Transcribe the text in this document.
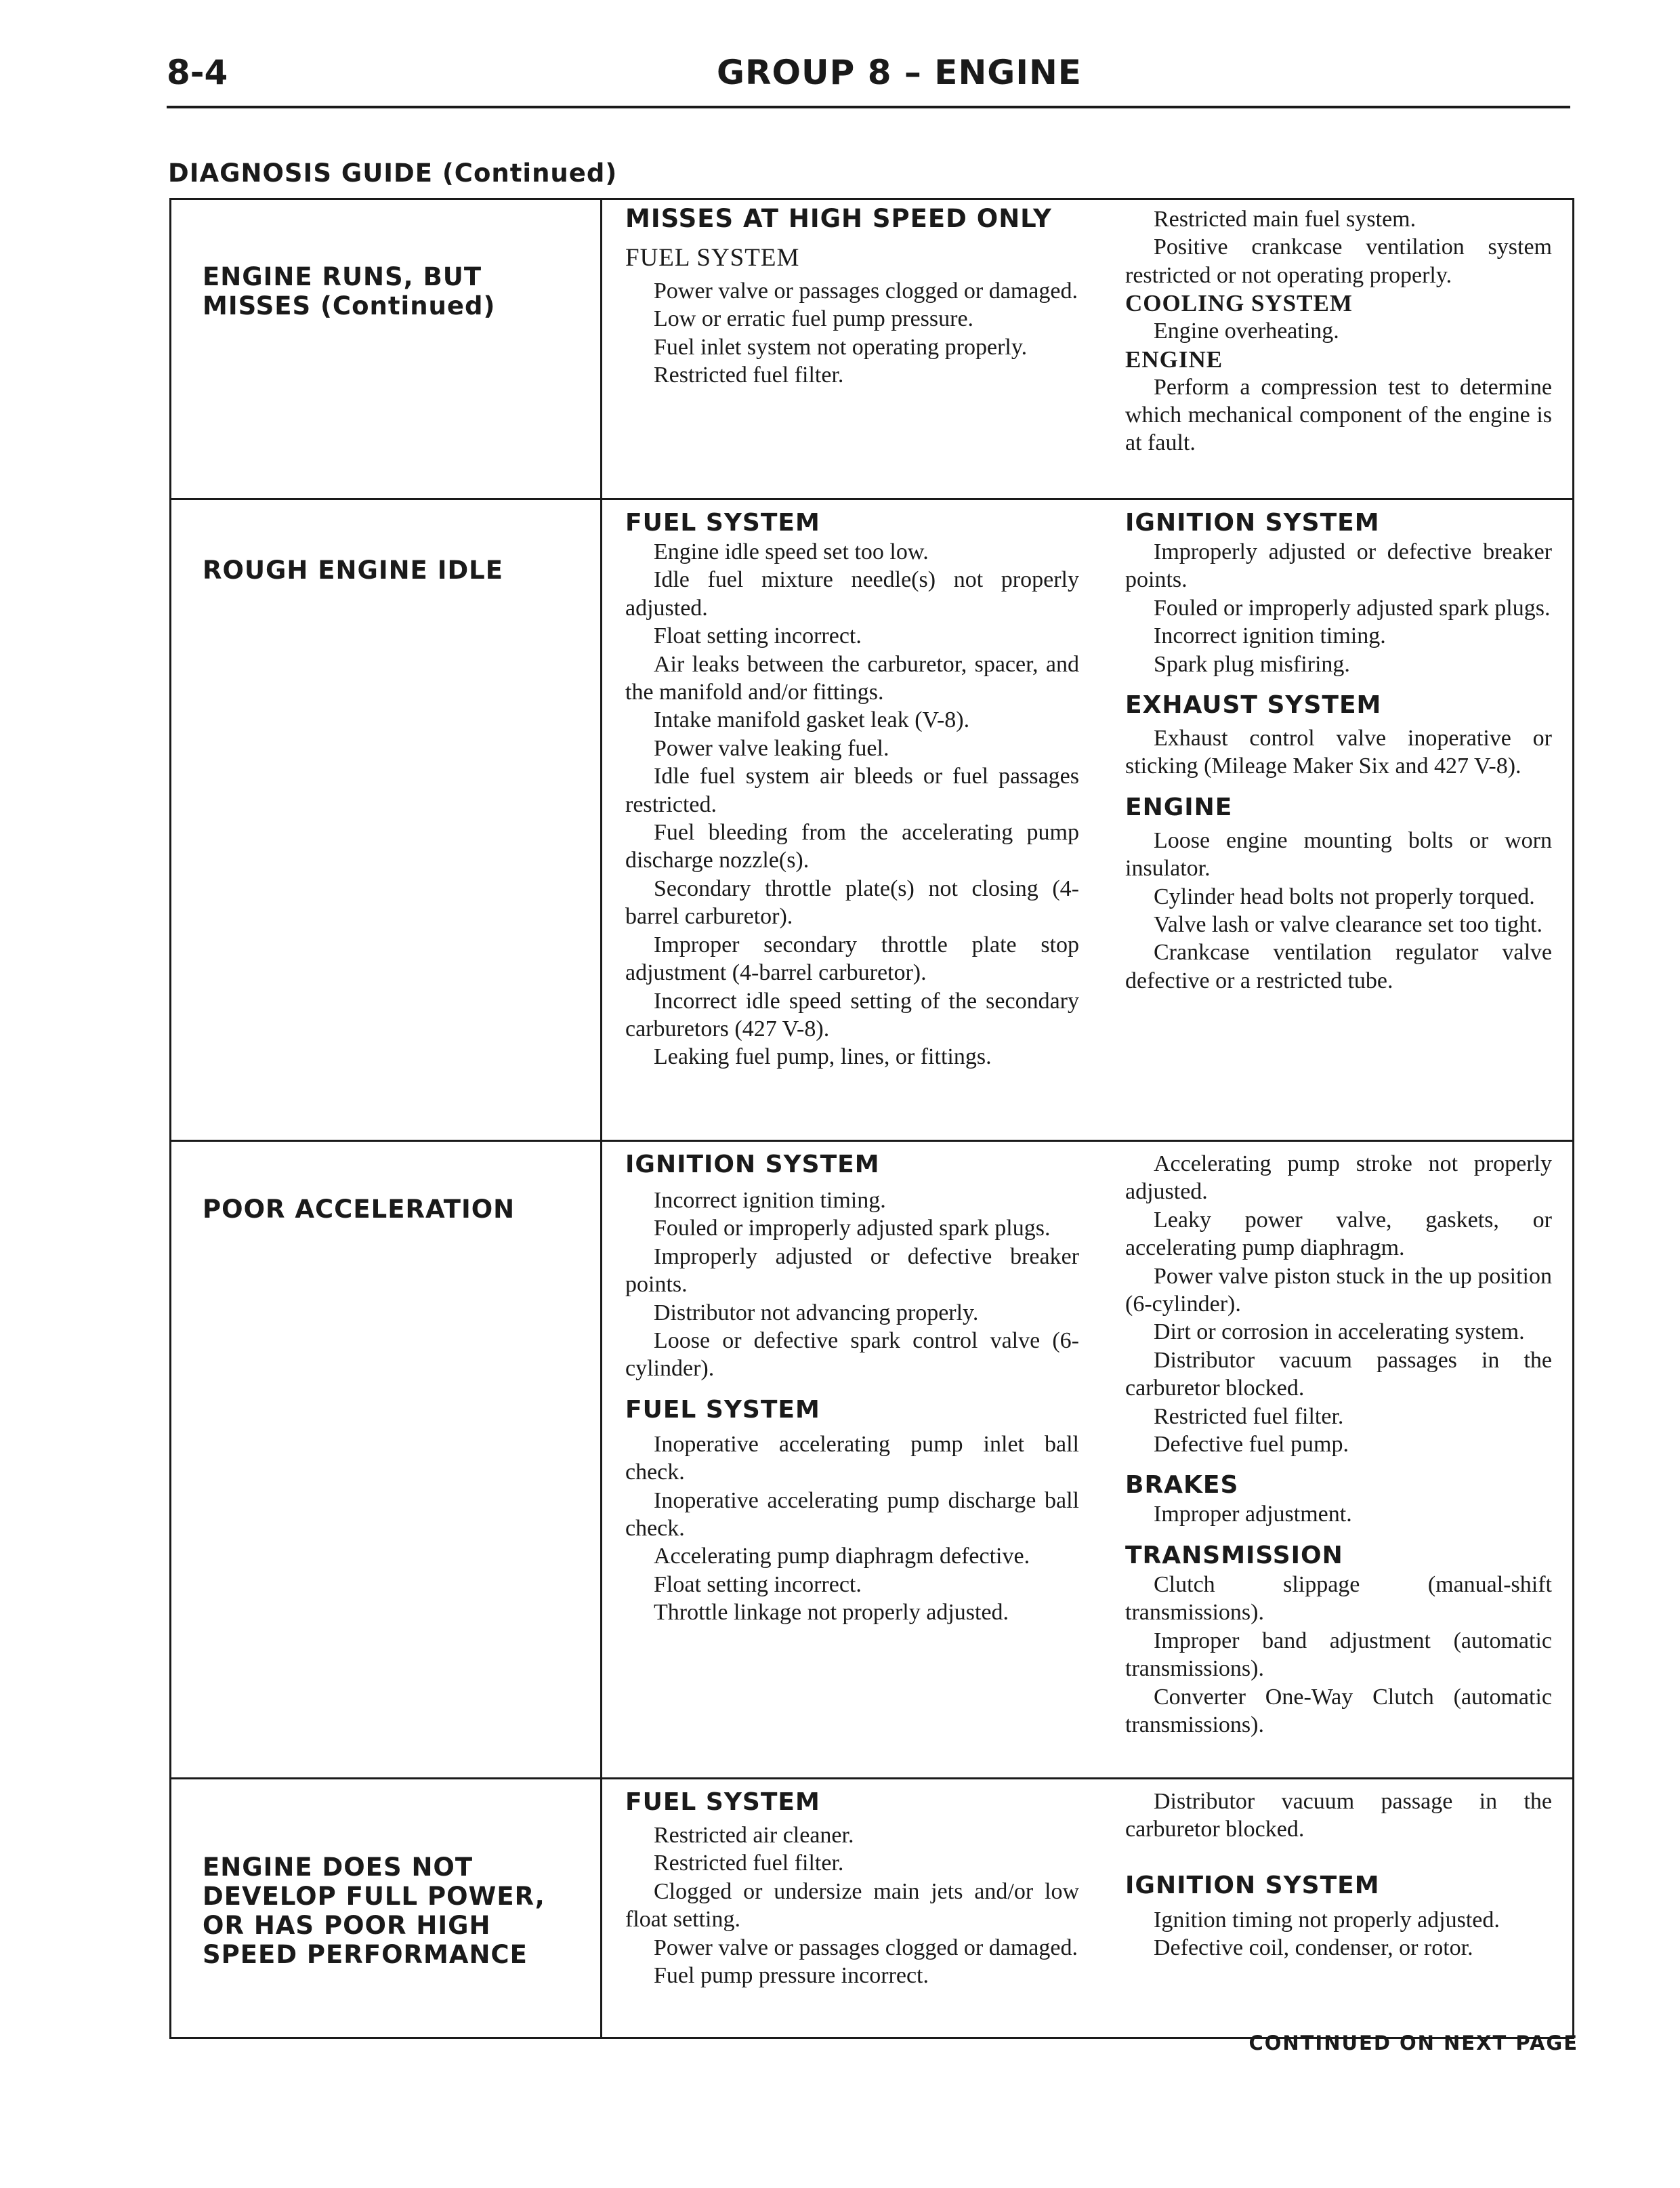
8-4	GROUP 8 – ENGINE
DIAGNOSIS GUIDE (Continued)
ENGINE RUNS, BUT
MISSES (Continued)
MISSES AT HIGH SPEED ONLY
FUEL SYSTEM
Power valve or passages clogged or damaged.
Low or erratic fuel pump pressure.
Fuel inlet system not operating properly.
Restricted fuel filter.
Restricted main fuel system.
Positive crankcase ventilation system restricted or not operating properly.
COOLING SYSTEM
Engine overheating.
ENGINE
Perform a compression test to determine which mechanical component of the engine is at fault.
ROUGH ENGINE IDLE
FUEL SYSTEM
Engine idle speed set too low.
Idle fuel mixture needle(s) not properly adjusted.
Float setting incorrect.
Air leaks between the carburetor, spacer, and the manifold and/or fittings.
Intake manifold gasket leak (V-8).
Power valve leaking fuel.
Idle fuel system air bleeds or fuel passages restricted.
Fuel bleeding from the accelerating pump discharge nozzle(s).
Secondary throttle plate(s) not closing (4-barrel carburetor).
Improper secondary throttle plate stop adjustment (4-barrel carburetor).
Incorrect idle speed setting of the secondary carburetors (427 V-8).
Leaking fuel pump, lines, or fittings.
IGNITION SYSTEM
Improperly adjusted or defective breaker points.
Fouled or improperly adjusted spark plugs.
Incorrect ignition timing.
Spark plug misfiring.
EXHAUST SYSTEM
Exhaust control valve inoperative or sticking (Mileage Maker Six and 427 V-8).
ENGINE
Loose engine mounting bolts or worn insulator.
Cylinder head bolts not properly torqued.
Valve lash or valve clearance set too tight.
Crankcase ventilation regulator valve defective or a restricted tube.
POOR ACCELERATION
IGNITION SYSTEM
Incorrect ignition timing.
Fouled or improperly adjusted spark plugs.
Improperly adjusted or defective breaker points.
Distributor not advancing properly.
Loose or defective spark control valve (6-cylinder).
FUEL SYSTEM
Inoperative accelerating pump inlet ball check.
Inoperative accelerating pump discharge ball check.
Accelerating pump diaphragm defective.
Float setting incorrect.
Throttle linkage not properly adjusted.
Accelerating pump stroke not properly adjusted.
Leaky power valve, gaskets, or accelerating pump diaphragm.
Power valve piston stuck in the up position (6-cylinder).
Dirt or corrosion in accelerating system.
Distributor vacuum passages in the carburetor blocked.
Restricted fuel filter.
Defective fuel pump.
BRAKES
Improper adjustment.
TRANSMISSION
Clutch slippage (manual-shift transmissions).
Improper band adjustment (automatic transmissions).
Converter One-Way Clutch (automatic transmissions).
ENGINE DOES NOT
DEVELOP FULL POWER,
OR HAS POOR HIGH
SPEED PERFORMANCE
FUEL SYSTEM
Restricted air cleaner.
Restricted fuel filter.
Clogged or undersize main jets and/or low float setting.
Power valve or passages clogged or damaged.
Fuel pump pressure incorrect.
Distributor vacuum passage in the carburetor blocked.
IGNITION SYSTEM
Ignition timing not properly adjusted.
Defective coil, condenser, or rotor.
CONTINUED ON NEXT PAGE
